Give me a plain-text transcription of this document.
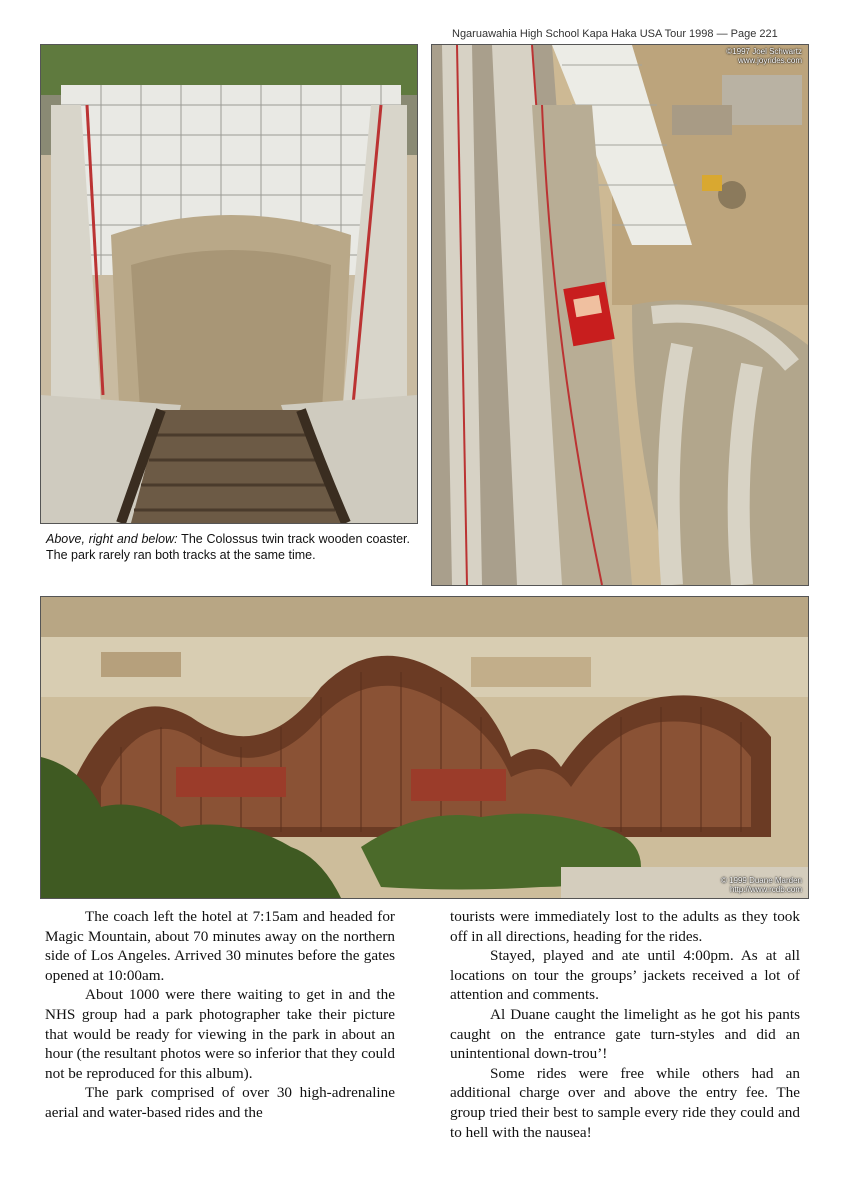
Ngaruawahia High School Kapa Haka USA Tour 1998 — Page 221
©1997 Joel Schwartz
www.joyrides.com
Above, right and below: The Colossus twin track wooden coaster. The park rarely ran both tracks at the same time.
© 1999 Duane Marden
http://www.rcdb.com

The coach left the hotel at 7:15am and headed for Magic Mountain, about 70 minutes away on the northern side of Los Angeles. Arrived 30 minutes before the gates opened at 10:00am.

About 1000 were there waiting to get in and the NHS group had a park photographer take their picture that would be ready for viewing in the park in about an hour (the resultant photos were so inferior that they could not be reproduced for this album).

The park comprised of over 30 high-adrenaline aerial and water-based rides and the

tourists were immediately lost to the adults as they took off in all directions, heading for the rides.

Stayed, played and ate until 4:00pm. As at all locations on tour the groups’ jackets received a lot of attention and comments.

Al Duane caught the limelight as he got his pants caught on the entrance gate turn-styles and did an unintentional down-trou’!

Some rides were free while others had an additional charge over and above the entry fee. The group tried their best to sample every ride they could and to hell with the nausea!
